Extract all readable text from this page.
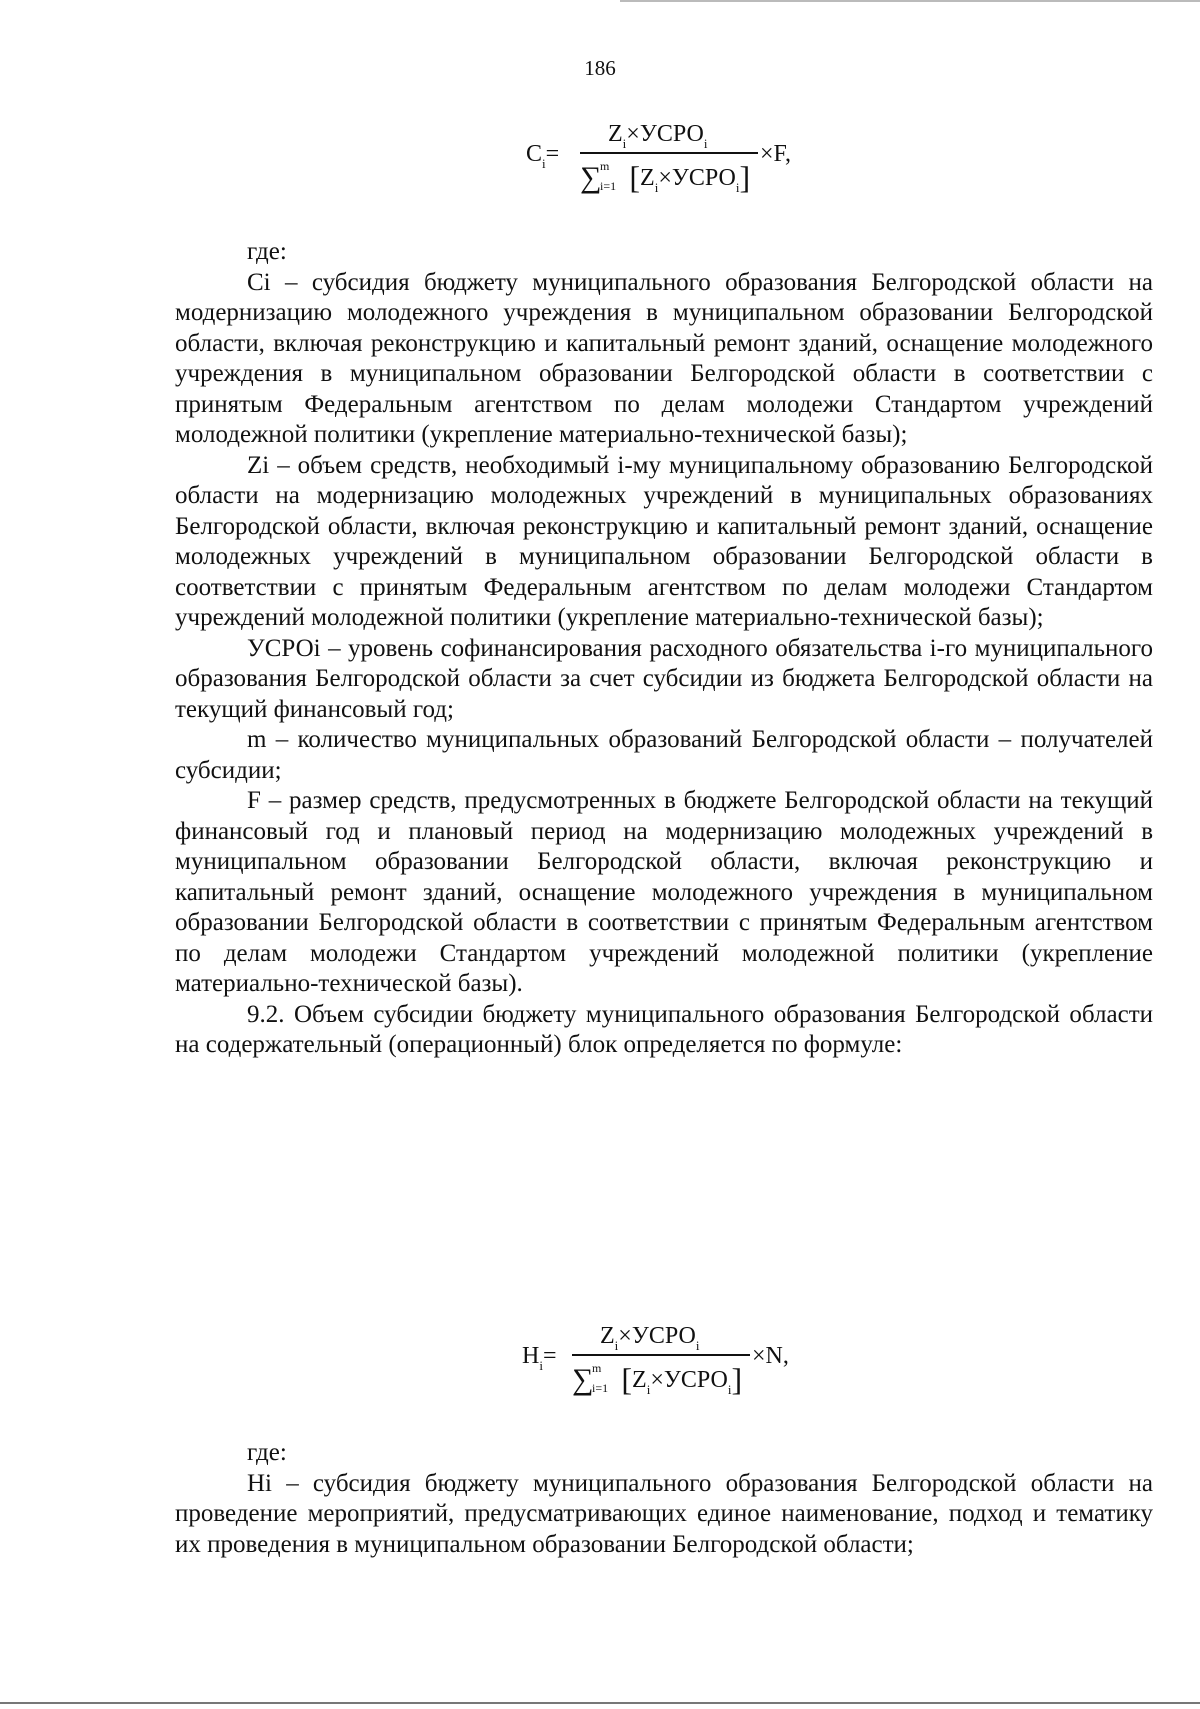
186
$C_i=$
$Z_i\times УСРО_i$
∑
m
i=1 $[Z_i\times УСРО_i]$
×F,

где:

Ci – субсидия бюджету муниципального образования Белгородской области на модернизацию молодежного учреждения в муниципальном образовании Белгородской области, включая реконструкцию и капитальный ремонт зданий, оснащение молодежного учреждения в муниципальном образовании Белгородской области в соответствии с принятым Федеральным агентством по делам молодежи Стандартом учреждений молодежной политики (укрепление материально-технической базы);

Zi – объем средств, необходимый i-му муниципальному образованию Белгородской области на модернизацию молодежных учреждений в муниципальных образованиях Белгородской области, включая реконструкцию и капитальный ремонт зданий, оснащение молодежных учреждений в муниципальном образовании Белгородской области в соответствии с принятым Федеральным агентством по делам молодежи Стандартом учреждений молодежной политики (укрепление материально-технической базы);

УСРОi – уровень софинансирования расходного обязательства i-го муниципального образования Белгородской области за счет субсидии из бюджета Белгородской области на текущий финансовый год;

m – количество муниципальных образований Белгородской области – получателей субсидии;

F – размер средств, предусмотренных в бюджете Белгородской области на текущий финансовый год и плановый период на модернизацию молодежных учреждений в муниципальном образовании Белгородской области, включая реконструкцию и капитальный ремонт зданий, оснащение молодежного учреждения в муниципальном образовании Белгородской области в соответствии с принятым Федеральным агентством по делам молодежи Стандартом учреждений молодежной политики (укрепление материально-технической базы).

9.2. Объем субсидии бюджету муниципального образования Белгородской области на содержательный (операционный) блок определяется по формуле:

$H_i=$
$Z_i\times УСРО_i$
∑
m
i=1 $[Z_i\times УСРО_i]$
×N,

где:

Hi – субсидия бюджету муниципального образования Белгородской области на проведение мероприятий, предусматривающих единое наименование, подход и тематику их проведения в муниципальном образовании Белгородской области;
